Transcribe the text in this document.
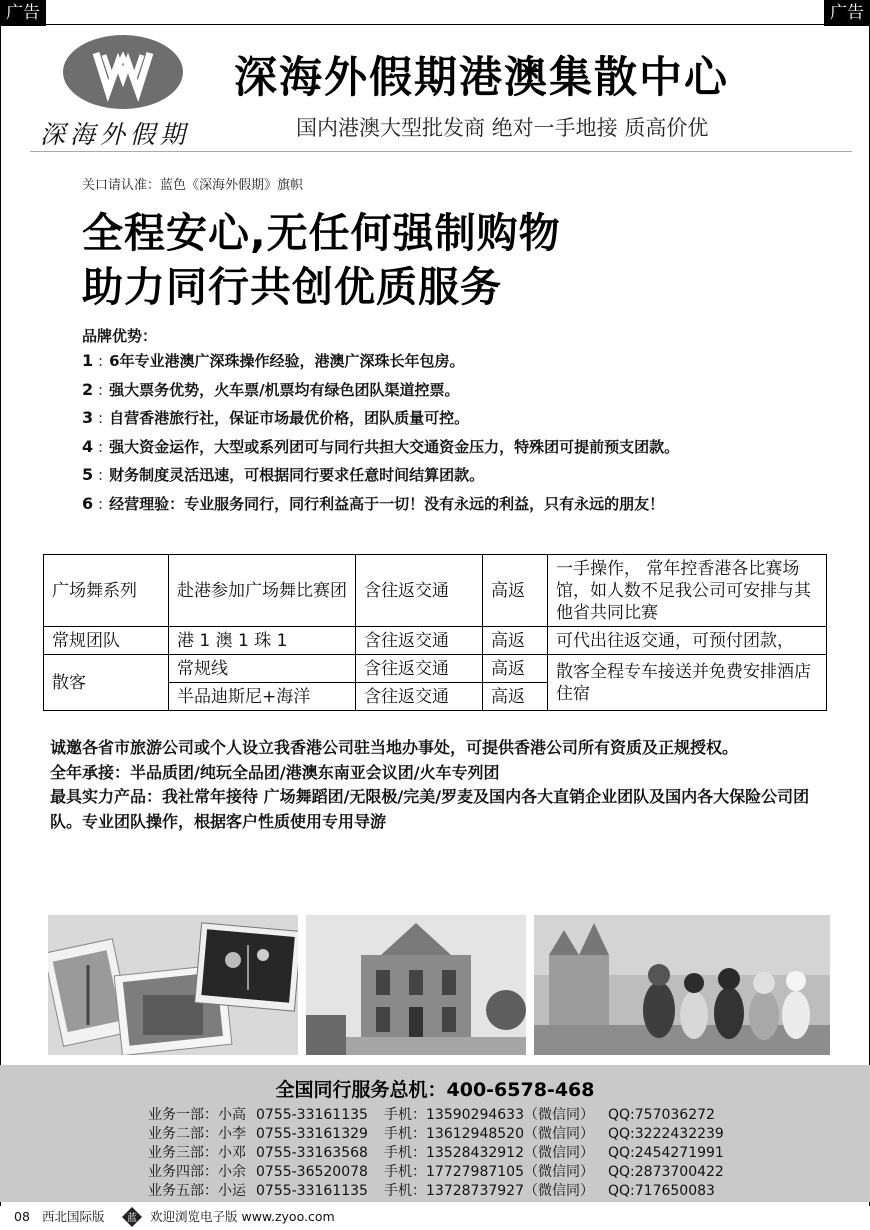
广告	广告
深海外假期
深海外假期港澳集散中心
国内港澳大型批发商 绝对一手地接 质高价优
关口请认准：蓝色《深海外假期》旗帜
全程安心,无任何强制购物
助力同行共创优质服务
品牌优势：
1 : 6年专业港澳广深珠操作经验，港澳广深珠长年包房。
2 : 强大票务优势，火车票/机票均有绿色团队渠道控票。
3 : 自营香港旅行社，保证市场最优价格，团队质量可控。
4 : 强大资金运作，大型或系列团可与同行共担大交通资金压力，特殊团可提前预支团款。
5 : 财务制度灵活迅速，可根据同行要求任意时间结算团款。
6 : 经营理验：专业服务同行，同行利益高于一切！没有永远的利益，只有永远的朋友！
广场舞系列	赴港参加广场舞比赛团	含往返交通	高返	一手操作， 常年控香港各比赛场馆，如人数不足我公司可安排与其他省共同比赛
常规团队	港 1 澳 1 珠 1	含往返交通	高返	可代出往返交通，可预付团款，
散客	常规线	含往返交通	高返	散客全程专车接送并免费安排酒店住宿
	半品迪斯尼+海洋	含往返交通	高返	

诚邀各省市旅游公司或个人设立我香港公司驻当地办事处，可提供香港公司所有资质及正规授权。

全年承接：半品质团/纯玩全品团/港澳东南亚会议团/火车专列团

最具实力产品：我社常年接待 广场舞蹈团/无限极/完美/罗麦及国内各大直销企业团队及国内各大保险公司团队。专业团队操作，根据客户性质使用专用导游

全国同行服务总机：400-6578-468
业务一部：小高 0755-33161135 手机：13590294633（微信同） QQ:757036272
业务二部：小李 0755-33161329 手机：13612948520（微信同） QQ:3222432239
业务三部：小邓 0755-33163568 手机：13528432912（微信同） QQ:2454271991
业务四部：小余 0755-36520078 手机：17727987105（微信同） QQ:2873700422
业务五部：小运 0755-33161135 手机：13728737927（微信同） QQ:717650083
08 西北国际版 蓝 欢迎浏览电子版 www.zyoo.com
